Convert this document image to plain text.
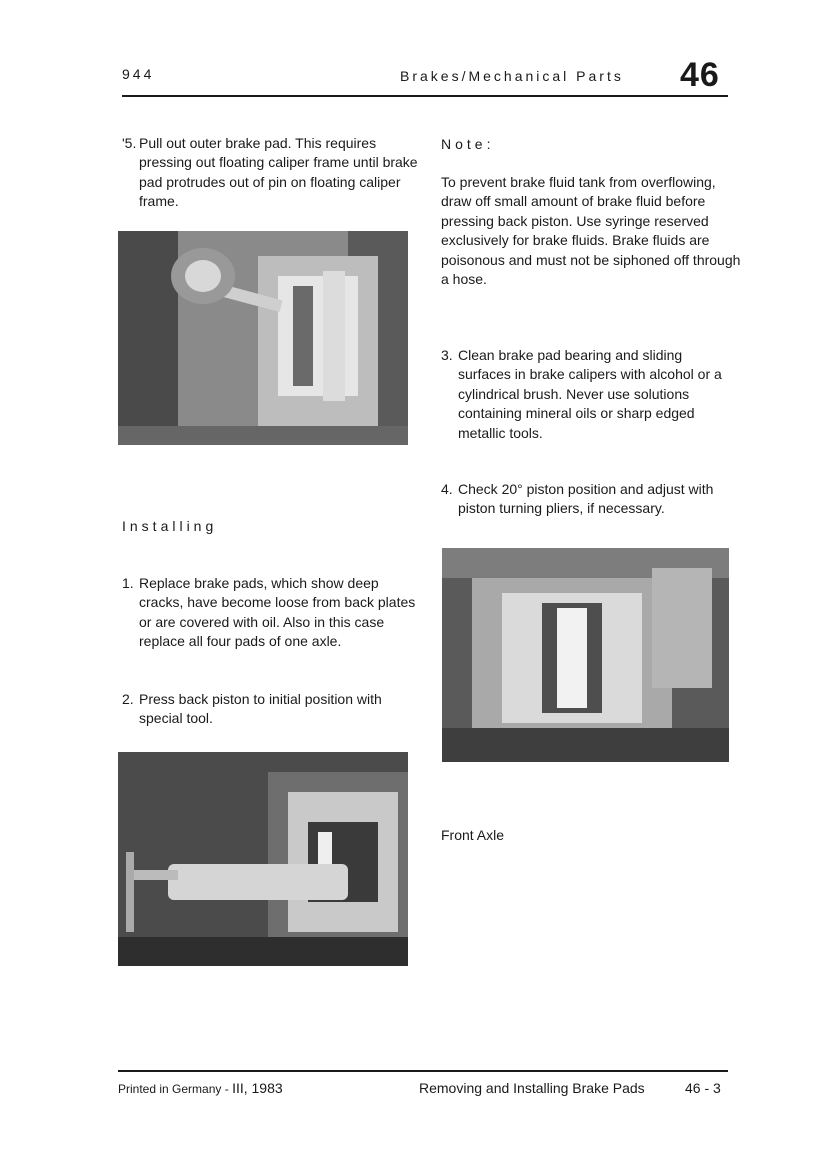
944	Brakes/Mechanical Parts 46
'5. Pull out outer brake pad. This requires pressing out floating caliper frame until brake pad protrudes out of pin on floating caliper frame.
Installing
1. Replace brake pads, which show deep cracks, have become loose from back plates or are covered with oil. Also in this case replace all four pads of one axle.
2. Press back piston to initial position with special tool.
Note:
To prevent brake fluid tank from overflowing, draw off small amount of brake fluid before pressing back piston. Use syringe reserved exclusively for brake fluids. Brake fluids are poisonous and must not be siphoned off through a hose.
3. Clean brake pad bearing and sliding surfaces in brake calipers with alcohol or a cylindrical brush. Never use solutions containing mineral oils or sharp edged metallic tools.
4. Check 20° piston position and adjust with piston turning pliers, if necessary.
Front Axle
Printed in Germany - III, 1983	Removing and Installing Brake Pads	46 - 3
